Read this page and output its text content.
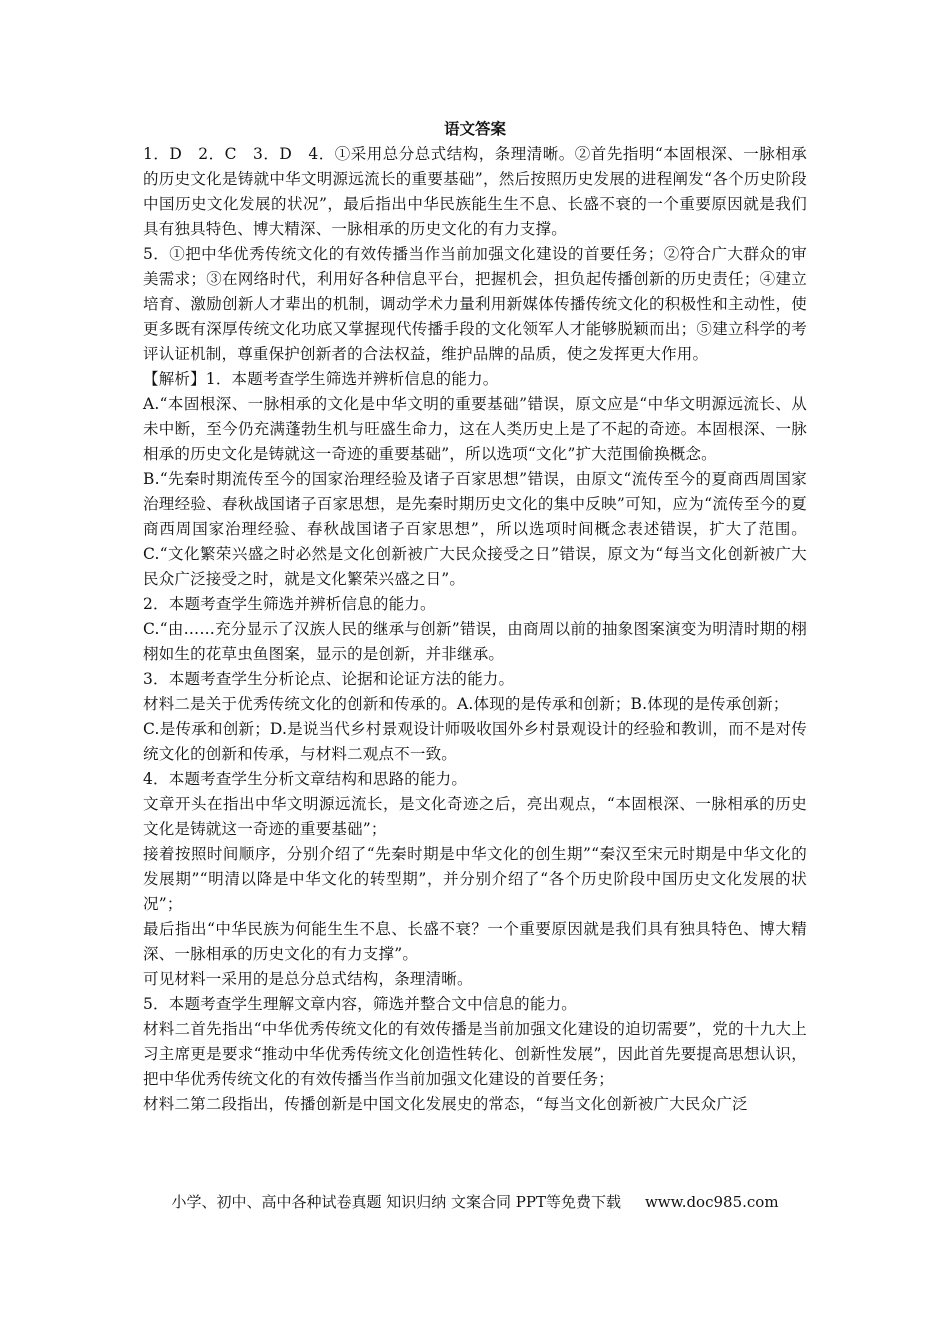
语文答案

1．D　2．C　3．D　4．①采用总分总式结构，条理清晰。②首先指明“本固根深、一脉相承的历史文化是铸就中华文明源远流长的重要基础”，然后按照历史发展的进程阐发“各个历史阶段中国历史文化发展的状况”，最后指出中华民族能生生不息、长盛不衰的一个重要原因就是我们具有独具特色、博大精深、一脉相承的历史文化的有力支撑。

5．①把中华优秀传统文化的有效传播当作当前加强文化建设的首要任务；②符合广大群众的审美需求；③在网络时代，利用好各种信息平台，把握机会，担负起传播创新的历史责任；④建立培育、激励创新人才辈出的机制，调动学术力量利用新媒体传播传统文化的积极性和主动性，使更多既有深厚传统文化功底又掌握现代传播手段的文化领军人才能够脱颖而出；⑤建立科学的考评认证机制，尊重保护创新者的合法权益，维护品牌的品质，使之发挥更大作用。

【解析】1．本题考查学生筛选并辨析信息的能力。

A.“本固根深、一脉相承的文化是中华文明的重要基础”错误，原文应是“中华文明源远流长、从未中断，至今仍充满蓬勃生机与旺盛生命力，这在人类历史上是了不起的奇迹。本固根深、一脉相承的历史文化是铸就这一奇迹的重要基础”，所以选项“文化”扩大范围偷换概念。

B.“先秦时期流传至今的国家治理经验及诸子百家思想”错误，由原文“流传至今的夏商西周国家治理经验、春秋战国诸子百家思想，是先秦时期历史文化的集中反映”可知，应为“流传至今的夏商西周国家治理经验、春秋战国诸子百家思想”，所以选项时间概念表述错误，扩大了范围。C.“文化繁荣兴盛之时必然是文化创新被广大民众接受之日”错误，原文为“每当文化创新被广大民众广泛接受之时，就是文化繁荣兴盛之日”。

2．本题考查学生筛选并辨析信息的能力。

C.“由……充分显示了汉族人民的继承与创新”错误，由商周以前的抽象图案演变为明清时期的栩栩如生的花草虫鱼图案，显示的是创新，并非继承。

3．本题考查学生分析论点、论据和论证方法的能力。

材料二是关于优秀传统文化的创新和传承的。A.体现的是传承和创新；B.体现的是传承创新；

C.是传承和创新；D.是说当代乡村景观设计师吸收国外乡村景观设计的经验和教训，而不是对传统文化的创新和传承，与材料二观点不一致。

4．本题考查学生分析文章结构和思路的能力。

文章开头在指出中华文明源远流长，是文化奇迹之后，亮出观点，“本固根深、一脉相承的历史文化是铸就这一奇迹的重要基础”；

接着按照时间顺序，分别介绍了“先秦时期是中华文化的创生期”“秦汉至宋元时期是中华文化的发展期”“明清以降是中华文化的转型期”，并分别介绍了“各个历史阶段中国历史文化发展的状况”；

最后指出“中华民族为何能生生不息、长盛不衰？一个重要原因就是我们具有独具特色、博大精深、一脉相承的历史文化的有力支撑”。

可见材料一采用的是总分总式结构，条理清晰。

5．本题考查学生理解文章内容，筛选并整合文中信息的能力。

材料二首先指出“中华优秀传统文化的有效传播是当前加强文化建设的迫切需要”，党的十九大上习主席更是要求“推动中华优秀传统文化创造性转化、创新性发展”，因此首先要提高思想认识，把中华优秀传统文化的有效传播当作当前加强文化建设的首要任务；

材料二第二段指出，传播创新是中国文化发展史的常态，“每当文化创新被广大民众广泛

小学、初中、高中各种试卷真题 知识归纳 文案合同 PPT等免费下载 www.doc985.com
